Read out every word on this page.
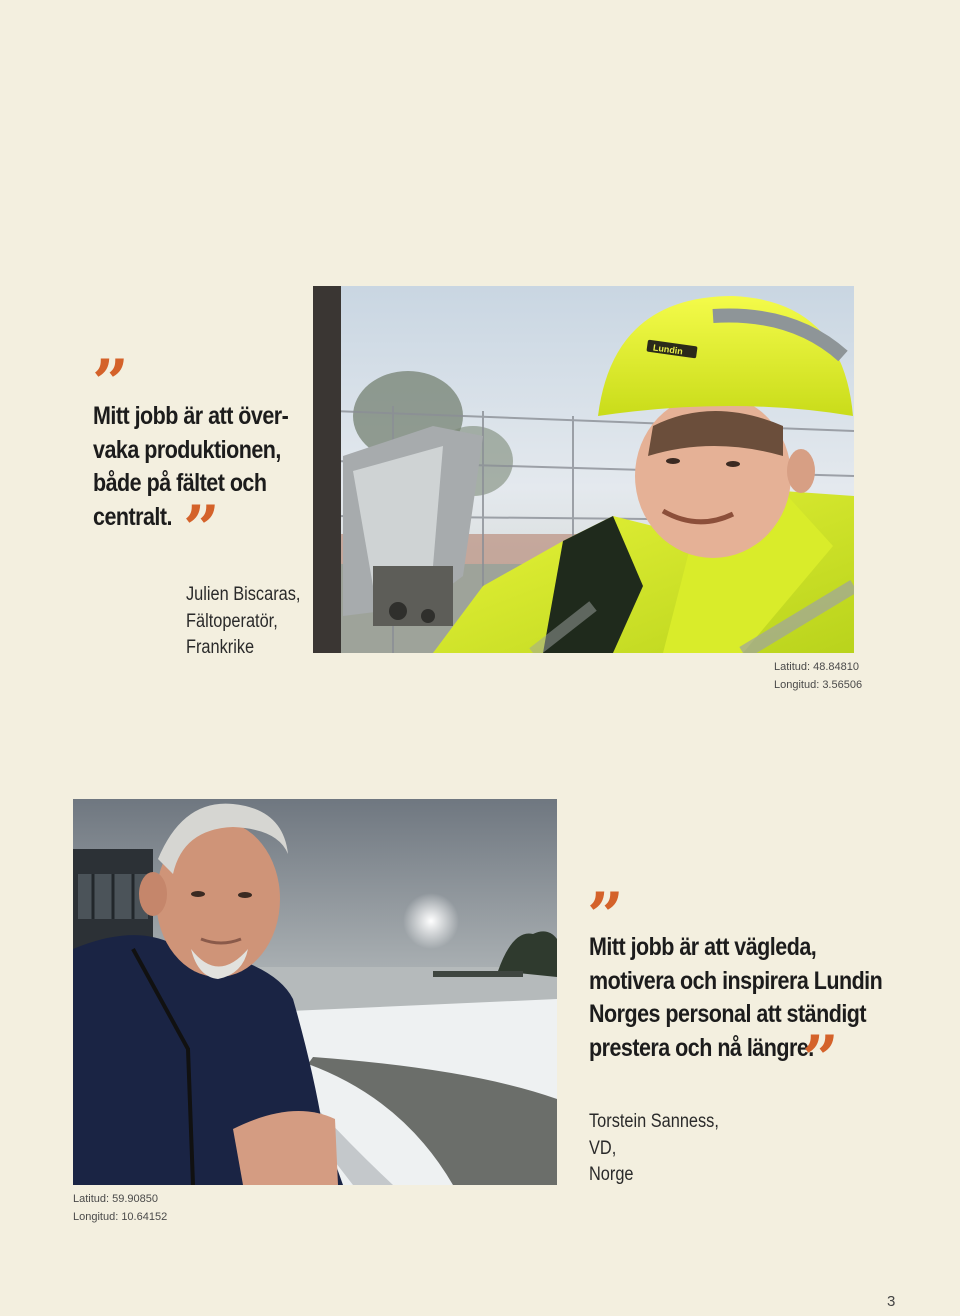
”
Mitt jobb är att över-
vaka produktionen,
både på fältet och
centralt. ”
Julien Biscaras,
Fältoperatör,
Frankrike
Lundin
Latitud: 48.84810
Longitud: 3.56506
Latitud: 59.90850
Longitud: 10.64152
”
Mitt jobb är att vägleda,
motivera och inspirera Lundin
Norges personal att ständigt
prestera och nå längre.
”
Torstein Sanness,
VD,
Norge
3
